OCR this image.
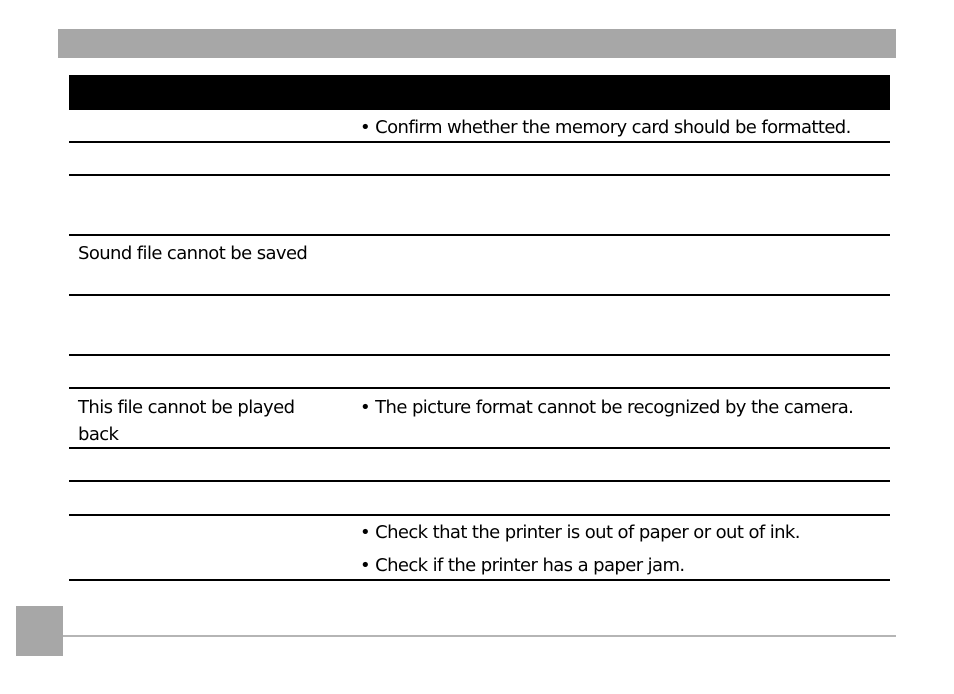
• Confirm whether the memory card should be formatted.
Sound file cannot be saved
This file cannot be played back
• The picture format cannot be recognized by the camera.
• Check that the printer is out of paper or out of ink.
• Check if the printer has a paper jam.
